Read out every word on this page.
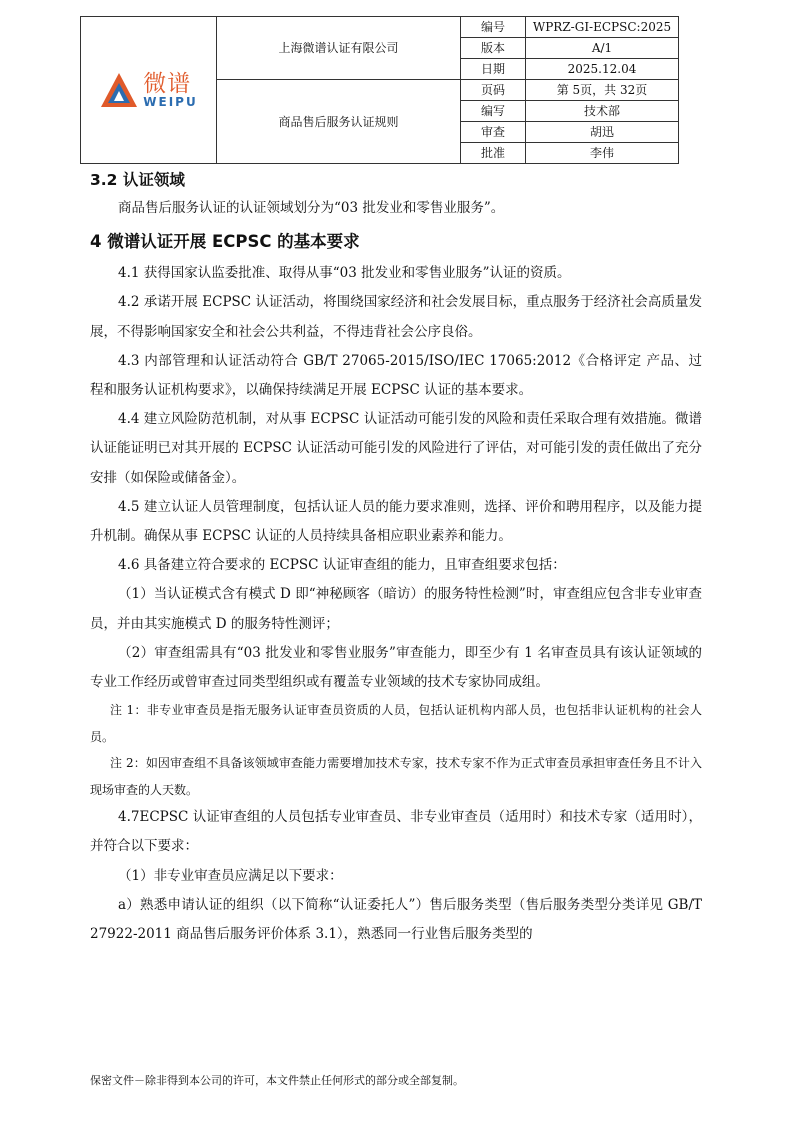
微谱
WEIPU	上海微谱认证有限公司	编号	WPRZ-GI-ECPSC:2025
		版本	A/1
		日期	2025.12.04
	商品售后服务认证规则	页码	第 5页，共 32页
		编写	技术部
		审查	胡迅
		批准	李伟
3.2 认证领域

商品售后服务认证的认证领域划分为“03 批发业和零售业服务”。

4 微谱认证开展 ECPSC 的基本要求

4.1 获得国家认监委批准、取得从事“03 批发业和零售业服务”认证的资质。

4.2 承诺开展 ECPSC 认证活动，将围绕国家经济和社会发展目标，重点服务于经济社会高质量发展，不得影响国家安全和社会公共利益，不得违背社会公序良俗。

4.3 内部管理和认证活动符合 GB/T 27065-2015/ISO/IEC 17065:2012《合格评定 产品、过程和服务认证机构要求》，以确保持续满足开展 ECPSC 认证的基本要求。

4.4 建立风险防范机制，对从事 ECPSC 认证活动可能引发的风险和责任采取合理有效措施。微谱认证能证明已对其开展的 ECPSC 认证活动可能引发的风险进行了评估，对可能引发的责任做出了充分安排（如保险或储备金）。

4.5 建立认证人员管理制度，包括认证人员的能力要求准则，选择、评价和聘用程序，以及能力提升机制。确保从事 ECPSC 认证的人员持续具备相应职业素养和能力。

4.6 具备建立符合要求的 ECPSC 认证审查组的能力，且审查组要求包括：

（1）当认证模式含有模式 D 即“神秘顾客（暗访）的服务特性检测”时，审查组应包含非专业审查员，并由其实施模式 D 的服务特性测评；

（2）审查组需具有“03 批发业和零售业服务”审查能力，即至少有 1 名审查员具有该认证领域的专业工作经历或曾审查过同类型组织或有覆盖专业领域的技术专家协同成组。

注 1：非专业审查员是指无服务认证审查员资质的人员，包括认证机构内部人员，也包括非认证机构的社会人员。

注 2：如因审查组不具备该领域审查能力需要增加技术专家，技术专家不作为正式审查员承担审查任务且不计入现场审查的人天数。

4.7ECPSC 认证审查组的人员包括专业审查员、非专业审查员（适用时）和技术专家（适用时），并符合以下要求：

（1）非专业审查员应满足以下要求：

a）熟悉申请认证的组织（以下简称“认证委托人”）售后服务类型（售后服务类型分类详见 GB/T 27922-2011 商品售后服务评价体系 3.1），熟悉同一行业售后服务类型的

保密文件－除非得到本公司的许可，本文件禁止任何形式的部分或全部复制。
